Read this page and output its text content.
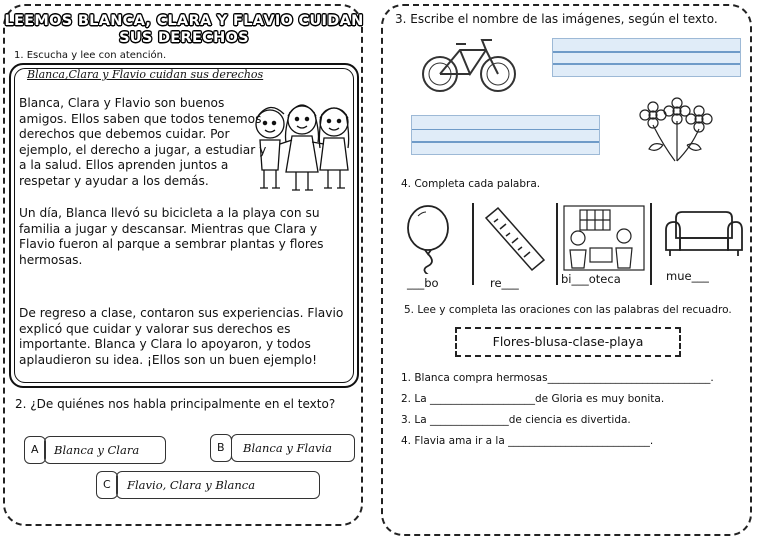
LEEMOS BLANCA, CLARA Y FLAVIO CUIDAN
SUS DERECHOS
1. Escucha y lee con atención.
Blanca,Clara y Flavio cuidan sus derechos
Blanca, Clara y Flavio son buenos
amigos. Ellos saben que todos tenemos
derechos que debemos cuidar. Por
ejemplo, el derecho a jugar, a estudiar y
a la salud. Ellos aprenden juntos a
respetar y ayudar a los demás.
Un día, Blanca llevó su bicicleta a la playa con su
familia a jugar y descansar. Mientras que Clara y
Flavio fueron al parque a sembrar plantas y flores
hermosas.
De regreso a clase, contaron sus experiencias. Flavio
explicó que cuidar y valorar sus derechos es
importante. Blanca y Clara lo apoyaron, y todos
aplaudieron su idea. ¡Ellos son un buen ejemplo!
2. ¿De quiénes nos habla principalmente en el texto?
A Blanca y Clara	B Blanca y Flavia
C Flavio, Clara y Blanca
3. Escribe el nombre de las imágenes, según el texto.
4. Completa cada palabra.
___bo	re___	bi___oteca	mue___
5. Lee y completa las oraciones con las palabras del recuadro.
Flores-blusa-clase-playa
1. Blanca compra hermosas_______________________________.
2. La ____________________de Gloria es muy bonita.
3. La _______________de ciencia es divertida.
4. Flavia ama ir a la ___________________________.
